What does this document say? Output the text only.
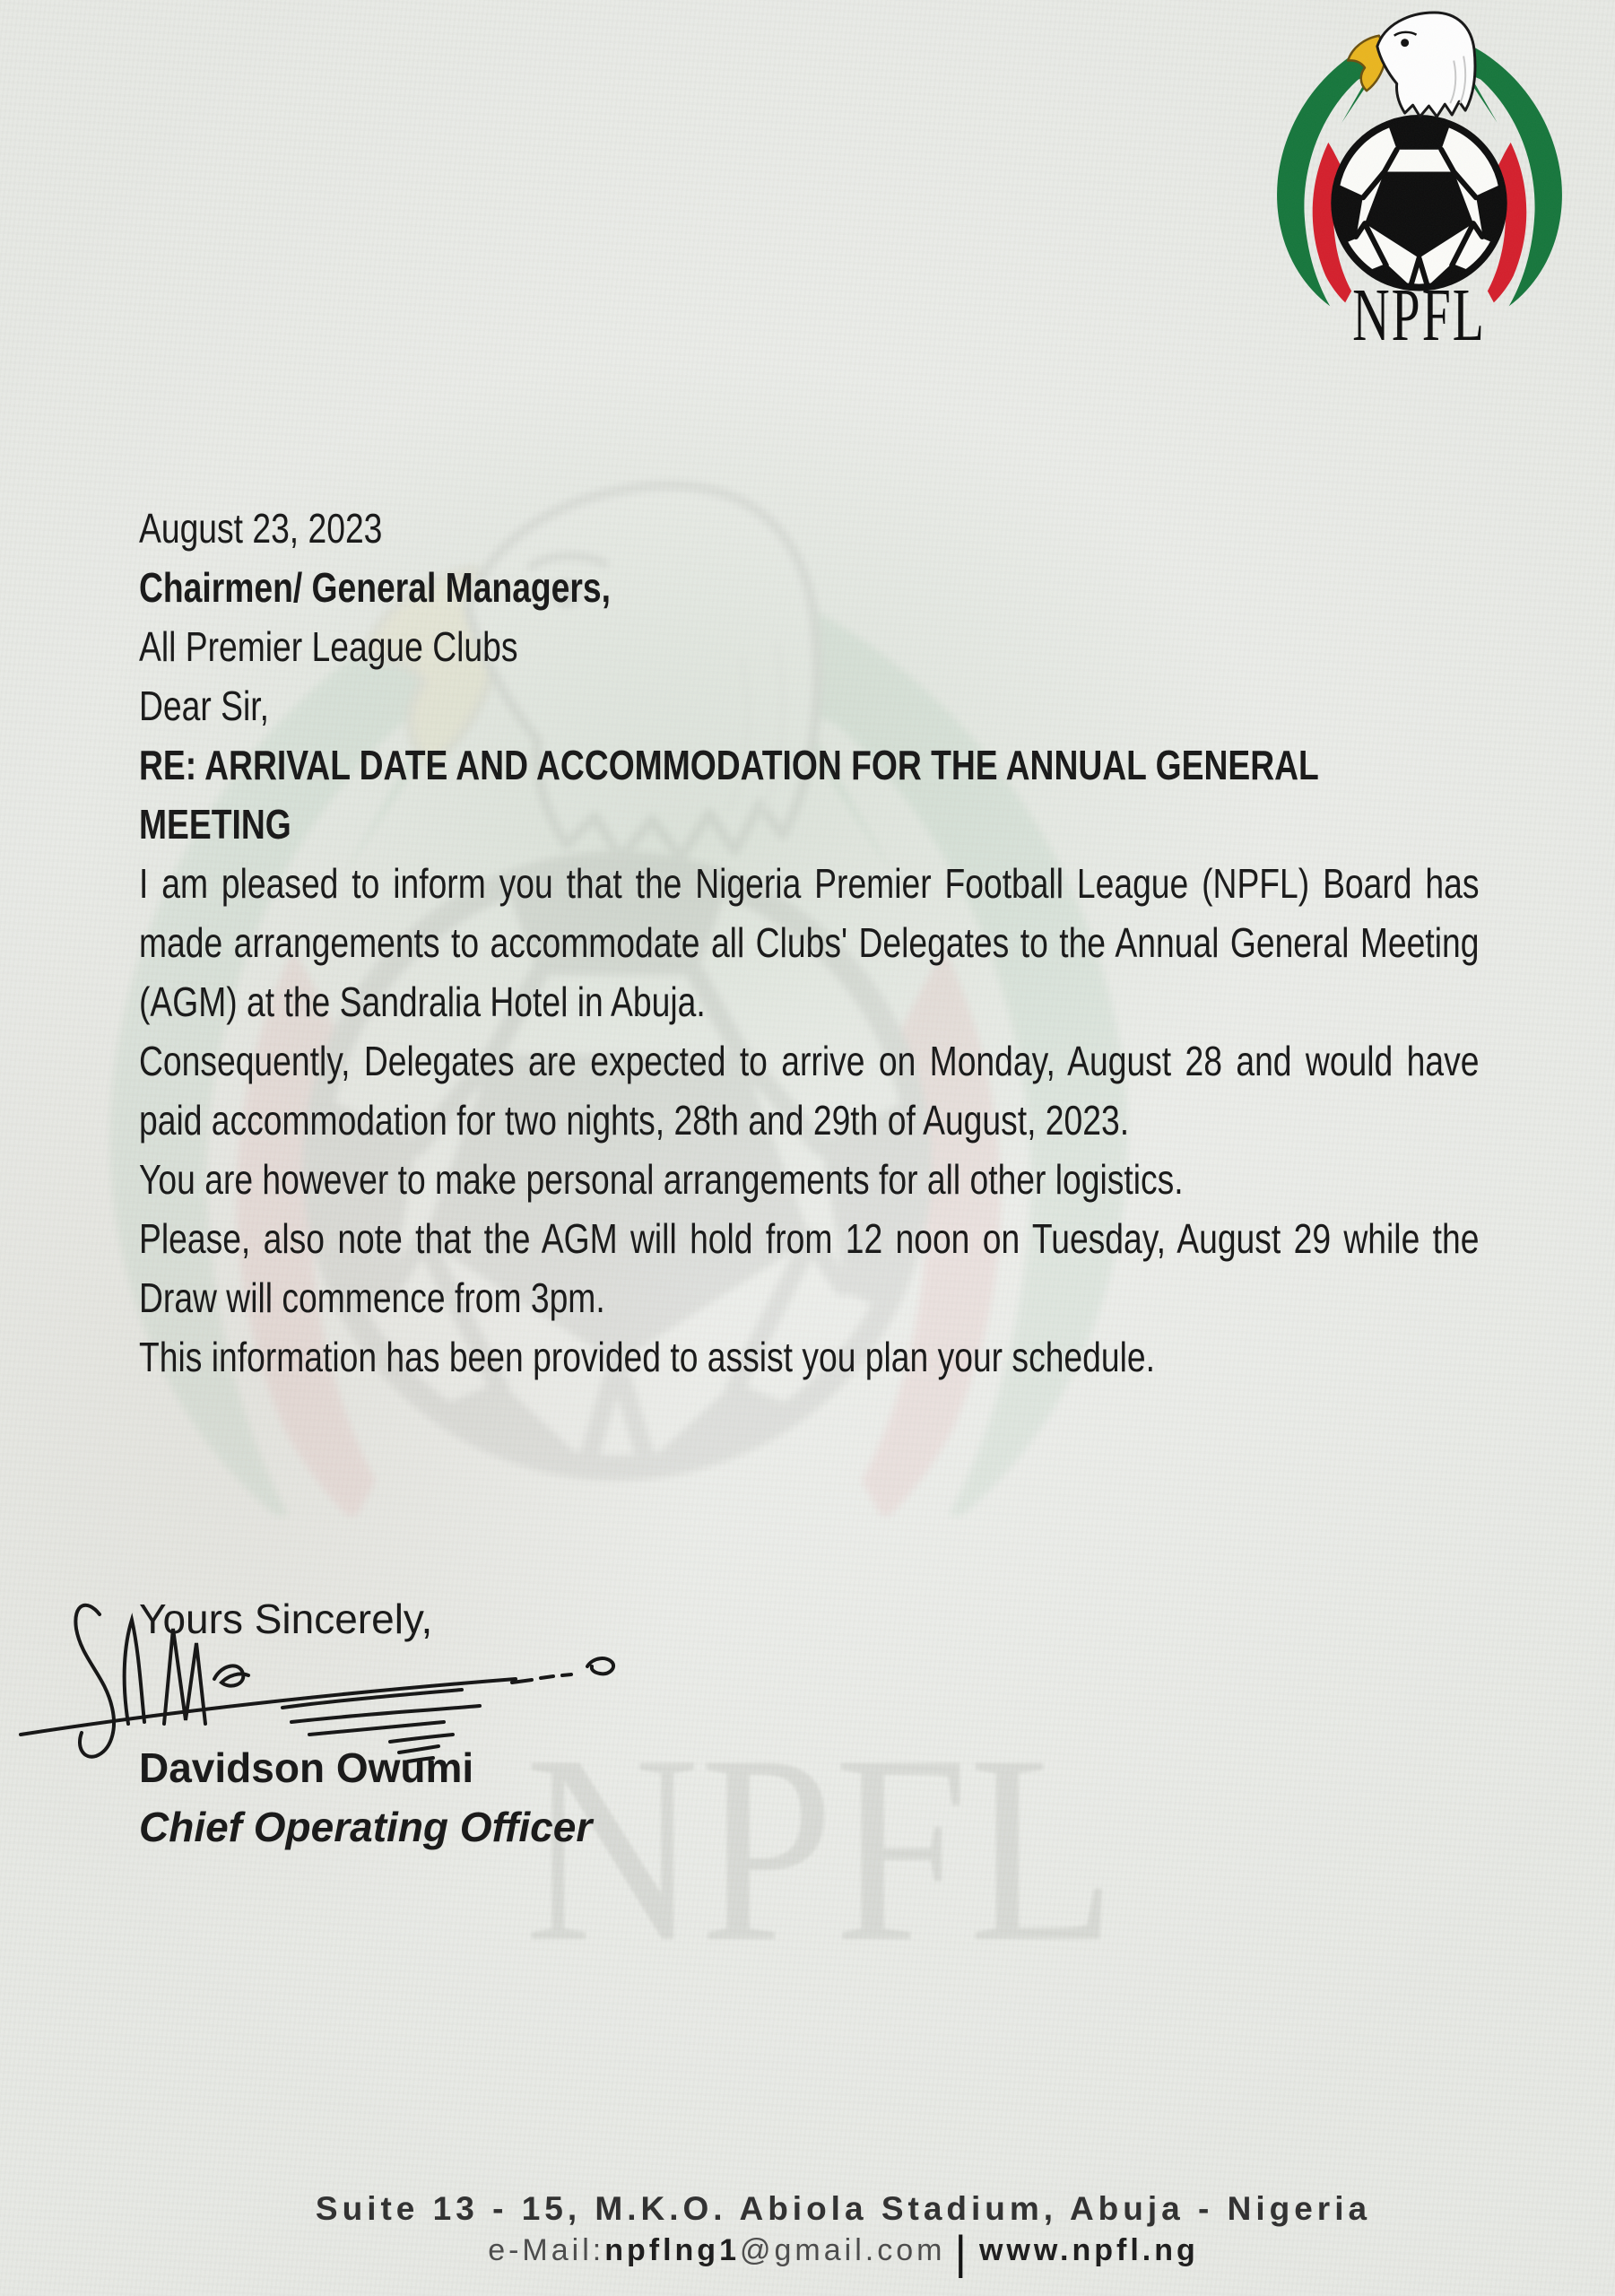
NPFL
NPFL

August 23, 2023

Chairmen/ General Managers,

All Premier League Clubs

Dear Sir,

RE: ARRIVAL DATE AND ACCOMMODATION FOR THE ANNUAL GENERAL MEETING

I am pleased to inform you that the Nigeria Premier Football League (NPFL) Board has made arrangements to accommodate all Clubs' Delegates to the Annual General Meeting (AGM) at the Sandralia Hotel in Abuja.

Consequently, Delegates are expected to arrive on Monday, August 28 and would have paid accommodation for two nights, 28th and 29th of August, 2023.

You are however to make personal arrangements for all other logistics.

Please, also note that the AGM will hold from 12 noon on Tuesday, August 29 while the Draw will commence from 3pm.

This information has been provided to assist you plan your schedule.

Yours Sincerely,

Davidson Owumi

Chief Operating Officer

Suite 13 - 15, M.K.O. Abiola Stadium, Abuja - Nigeria
e-Mail:npflng1@gmail.com | www.npfl.ng
